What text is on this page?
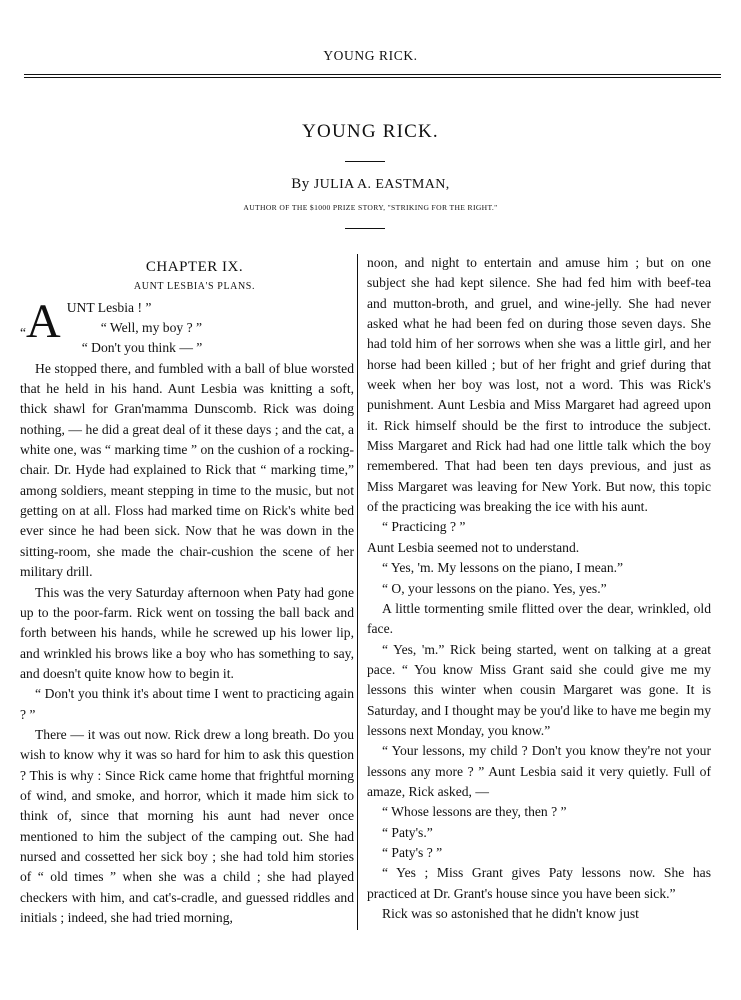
YOUNG RICK.
YOUNG RICK.
By JULIA A. EASTMAN,
AUTHOR OF THE $1000 PRIZE STORY, "STRIKING FOR THE RIGHT."

CHAPTER IX.

AUNT LESBIA'S PLANS.

“A UNT Lesbia ! ”

“ Well, my boy ? ”

“ Don't you think — ”

He stopped there, and fumbled with a ball of blue worsted that he held in his hand. Aunt Lesbia was knitting a soft, thick shawl for Gran'mamma Dunscomb. Rick was doing nothing, — he did a great deal of it these days ; and the cat, a white one, was “ marking time ” on the cushion of a rocking-chair. Dr. Hyde had explained to Rick that “ marking time,” among soldiers, meant stepping in time to the music, but not getting on at all. Floss had marked time on Rick's white bed ever since he had been sick. Now that he was down in the sitting-room, she made the chair-cushion the scene of her military drill.

This was the very Saturday afternoon when Paty had gone up to the poor-farm. Rick went on tossing the ball back and forth between his hands, while he screwed up his lower lip, and wrinkled his brows like a boy who has something to say, and doesn't quite know how to begin it.

“ Don't you think it's about time I went to practicing again ? ”

There — it was out now. Rick drew a long breath. Do you wish to know why it was so hard for him to ask this question ? This is why : Since Rick came home that frightful morning of wind, and smoke, and horror, which it made him sick to think of, since that morning his aunt had never once mentioned to him the subject of the camping out. She had nursed and cossetted her sick boy ; she had told him stories of “ old times ” when she was a child ; she had played checkers with him, and cat's-cradle, and guessed riddles and initials ; indeed, she had tried morning,

noon, and night to entertain and amuse him ; but on one subject she had kept silence. She had fed him with beef-tea and mutton-broth, and gruel, and wine-jelly. She had never asked what he had been fed on during those seven days. She had told him of her sorrows when she was a little girl, and her horse had been killed ; but of her fright and grief during that week when her boy was lost, not a word. This was Rick's punishment. Aunt Lesbia and Miss Margaret had agreed upon it. Rick himself should be the first to introduce the subject. Miss Margaret and Rick had had one little talk which the boy remembered. That had been ten days previous, and just as Miss Margaret was leaving for New York. But now, this topic of the practicing was breaking the ice with his aunt.

“ Practicing ? ”

Aunt Lesbia seemed not to understand.

“ Yes, 'm. My lessons on the piano, I mean.”

“ O, your lessons on the piano. Yes, yes.”

A little tormenting smile flitted over the dear, wrinkled, old face.

“ Yes, 'm.” Rick being started, went on talking at a great pace. “ You know Miss Grant said she could give me my lessons this winter when cousin Margaret was gone. It is Saturday, and I thought may be you'd like to have me begin my lessons next Monday, you know.”

“ Your lessons, my child ? Don't you know they're not your lessons any more ? ” Aunt Lesbia said it very quietly. Full of amaze, Rick asked, —

“ Whose lessons are they, then ? ”

“ Paty's.”

“ Paty's ? ”

“ Yes ; Miss Grant gives Paty lessons now. She has practiced at Dr. Grant's house since you have been sick.”

Rick was so astonished that he didn't know just
